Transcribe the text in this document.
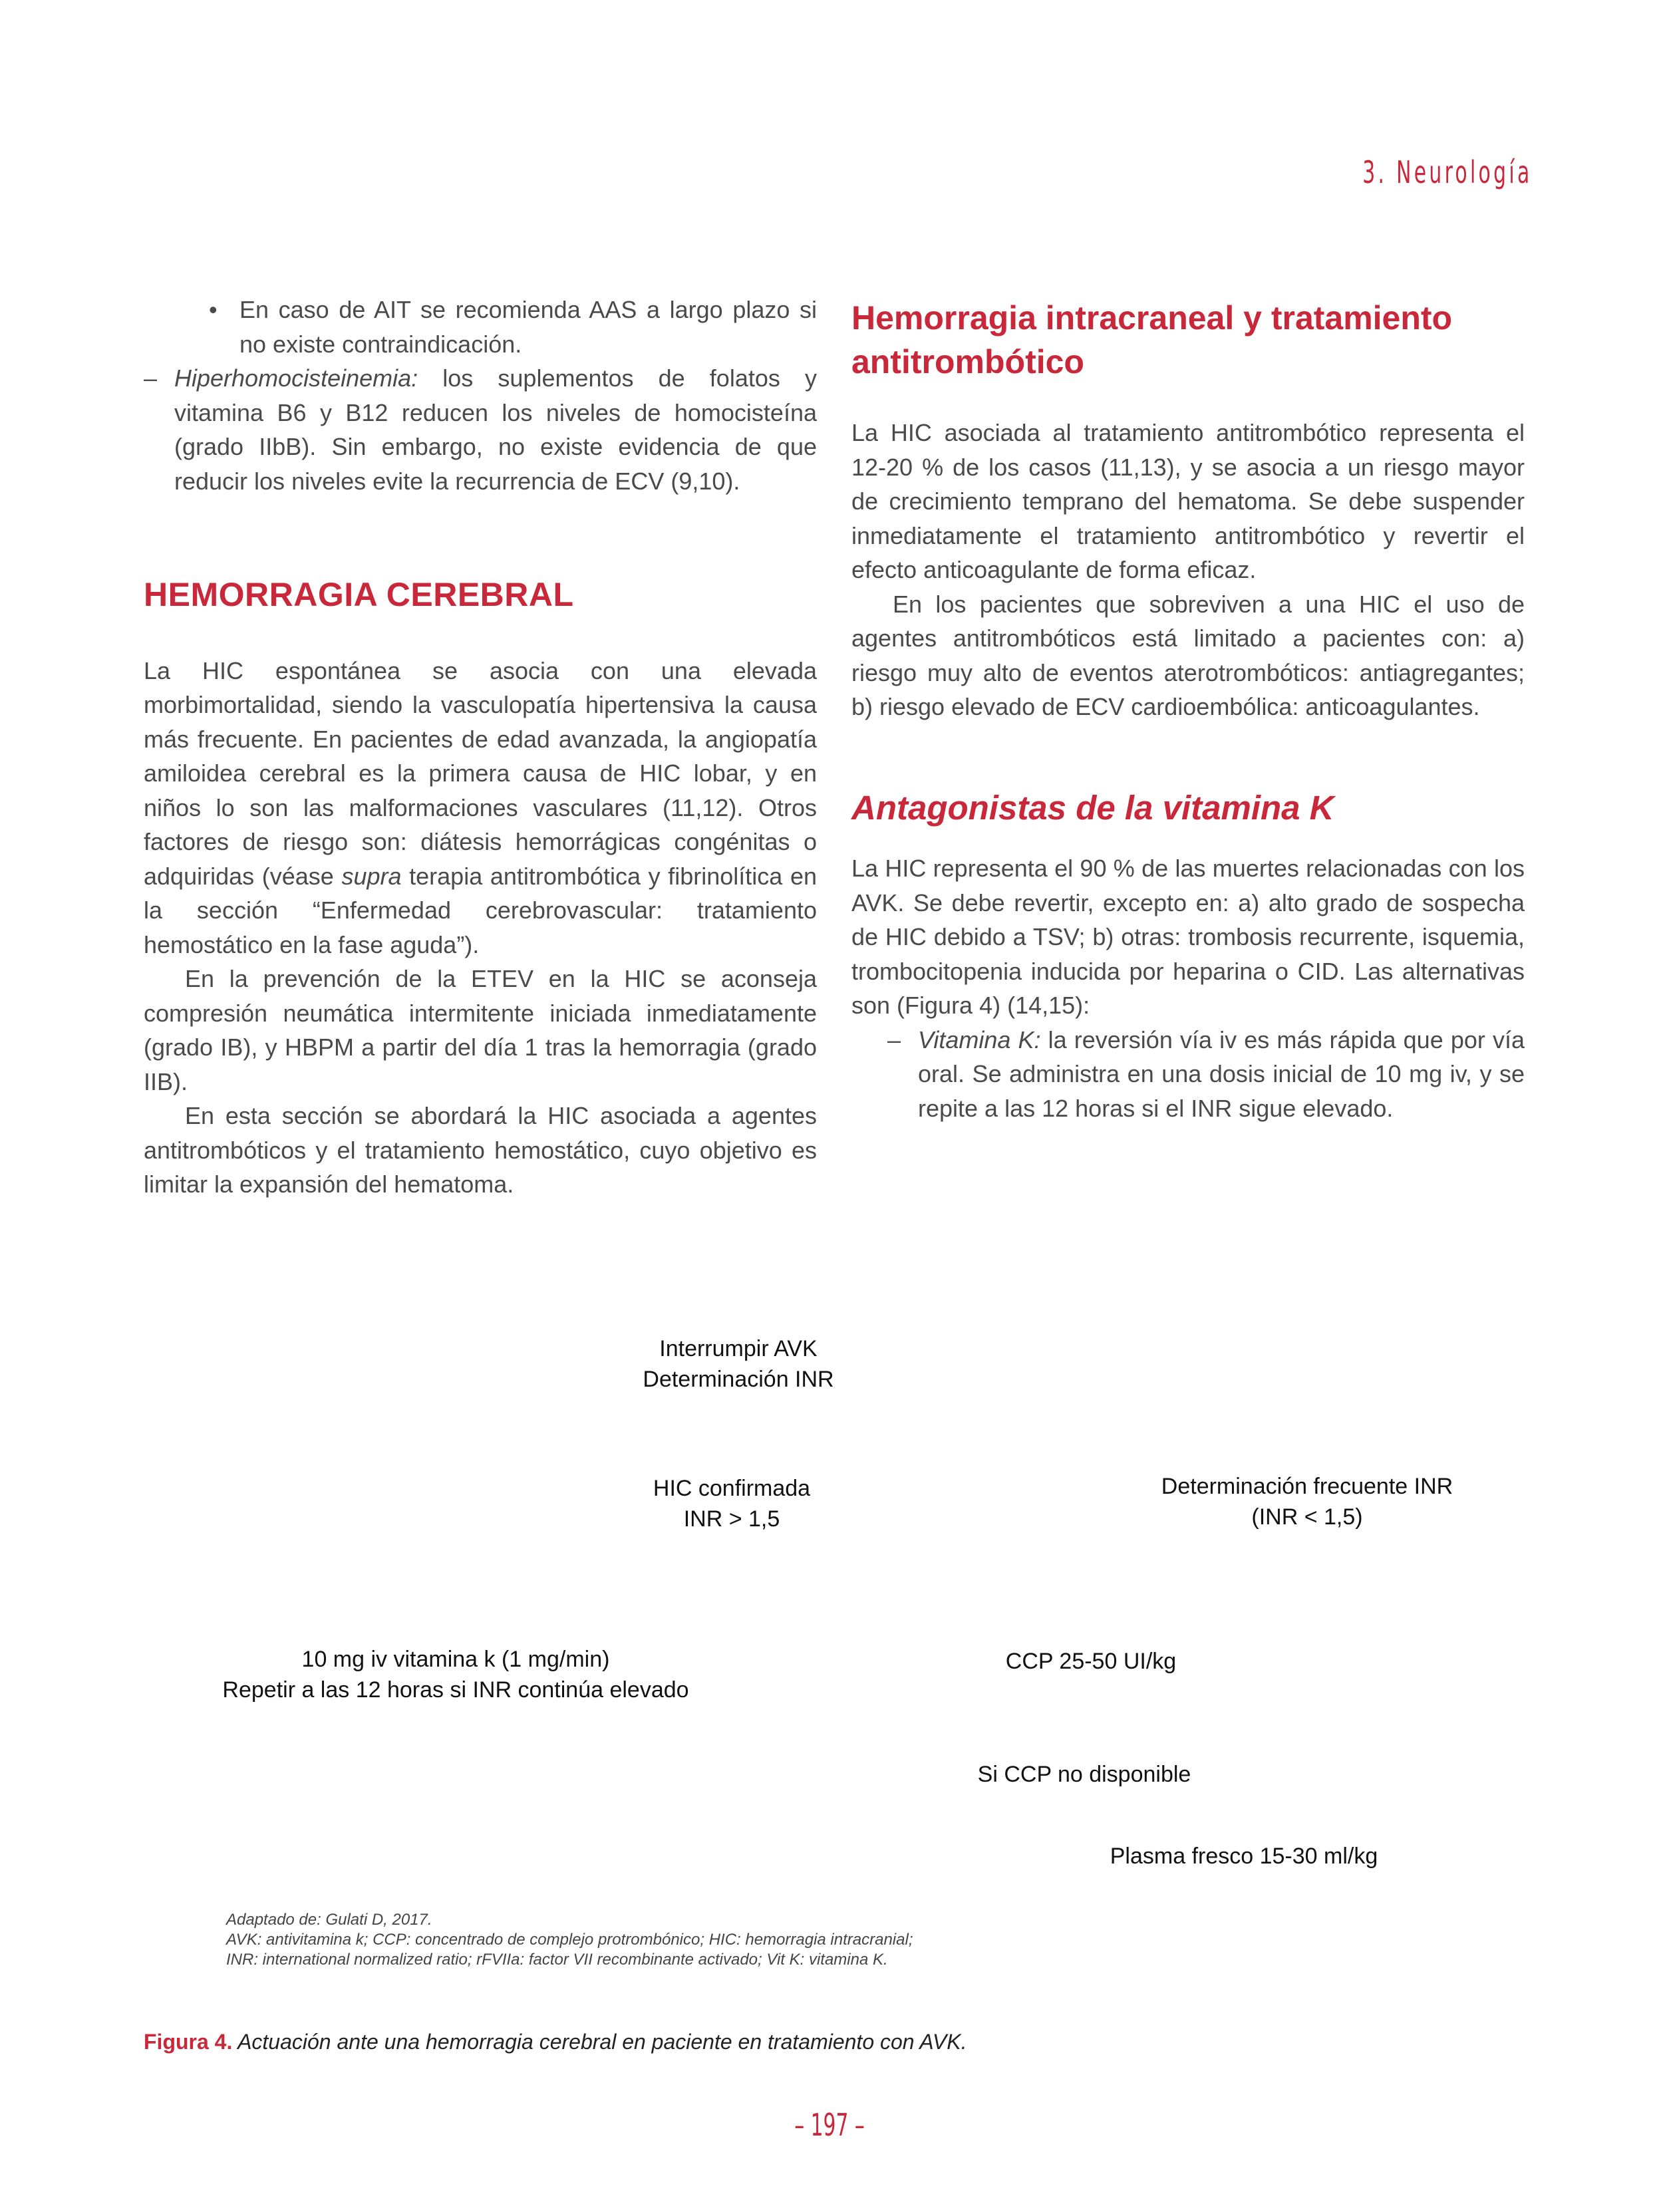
3. Neurología
• En caso de AIT se recomienda AAS a largo plazo si no existe contraindicación.

– Hiperhomocisteinemia: los suplementos de folatos y vitamina B6 y B12 reducen los niveles de homocisteína (grado IIbB). Sin embargo, no existe evidencia de que reducir los niveles evite la recurrencia de ECV (9,10).

HEMORRAGIA CEREBRAL

La HIC espontánea se asocia con una elevada morbimortalidad, siendo la vasculopatía hipertensiva la causa más frecuente. En pacientes de edad avanzada, la angiopatía amiloidea cerebral es la primera causa de HIC lobar, y en niños lo son las malformaciones vasculares (11,12). Otros factores de riesgo son: diátesis hemorrágicas congénitas o adquiridas (véase supra terapia antitrombótica y fibrinolítica en la sección “Enfermedad cerebrovascular: tratamiento hemostático en la fase aguda”).

En la prevención de la ETEV en la HIC se aconseja compresión neumática intermitente iniciada inmediatamente (grado IB), y HBPM a partir del día 1 tras la hemorragia (grado IIB).

En esta sección se abordará la HIC asociada a agentes antitrombóticos y el tratamiento hemostático, cuyo objetivo es limitar la expansión del hematoma.

Hemorragia intracraneal y tratamiento antitrombótico

La HIC asociada al tratamiento antitrombótico representa el 12-20 % de los casos (11,13), y se asocia a un riesgo mayor de crecimiento temprano del hematoma. Se debe suspender inmediatamente el tratamiento antitrombótico y revertir el efecto anticoagulante de forma eficaz.

En los pacientes que sobreviven a una HIC el uso de agentes antitrombóticos está limitado a pacientes con: a) riesgo muy alto de eventos aterotrombóticos: antiagregantes; b) riesgo elevado de ECV cardioembólica: anticoagulantes.

Antagonistas de la vitamina K

La HIC representa el 90 % de las muertes relacionadas con los AVK. Se debe revertir, excepto en: a) alto grado de sospecha de HIC debido a TSV; b) otras: trombosis recurrente, isquemia, trombocitopenia inducida por heparina o CID. Las alternativas son (Figura 4) (14,15):

– Vitamina K: la reversión vía iv es más rápida que por vía oral. Se administra en una dosis inicial de 10 mg iv, y se repite a las 12 horas si el INR sigue elevado.

Interrumpir AVK
Determinación INR
HIC confirmada
INR > 1,5
Determinación frecuente INR
(INR < 1,5)
10 mg iv vitamina k (1 mg/min)
Repetir a las 12 horas si INR continúa elevado
CCP 25-50 UI/kg
Si CCP no disponible
Plasma fresco 15-30 ml/kg
Adaptado de: Gulati D, 2017.
AVK: antivitamina k; CCP: concentrado de complejo protrombónico; HIC: hemorragia intracranial;
INR: international normalized ratio; rFVIIa: factor VII recombinante activado; Vit K: vitamina K.
Figura 4. Actuación ante una hemorragia cerebral en paciente en tratamiento con AVK.
– 197 –
